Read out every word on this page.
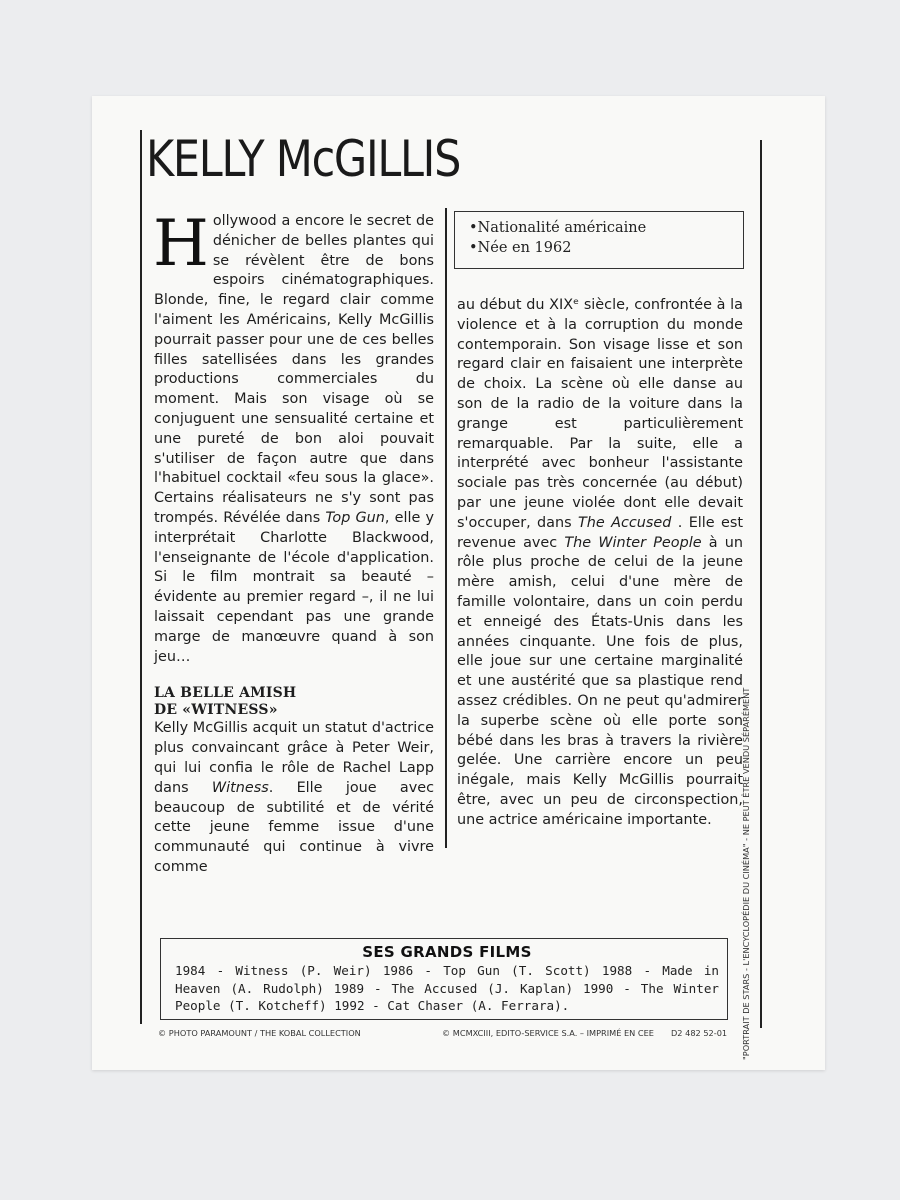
KELLY McGILLIS

Hollywood a encore le secret de dénicher de belles plantes qui se révèlent être de bons espoirs cinématographiques. Blonde, fine, le regard clair comme l'aiment les Américains, Kelly McGillis pourrait passer pour une de ces belles filles satellisées dans les grandes productions commerciales du moment. Mais son visage où se conjuguent une sensualité certaine et une pureté de bon aloi pouvait s'utiliser de façon autre que dans l'habituel cocktail «feu sous la glace». Certains réalisateurs ne s'y sont pas trompés. Révélée dans Top Gun, elle y interprétait Charlotte Blackwood, l'enseignante de l'école d'application. Si le film montrait sa beauté – évidente au premier regard –, il ne lui laissait cependant pas une grande marge de manœuvre quand à son jeu…

LA BELLE AMISH
DE «WITNESS»

Kelly McGillis acquit un statut d'actrice plus convaincant grâce à Peter Weir, qui lui confia le rôle de Rachel Lapp dans Witness. Elle joue avec beaucoup de subtilité et de vérité cette jeune femme issue d'une communauté qui continue à vivre comme

•Nationalité américaine
•Née en 1962

au début du XIXᵉ siècle, confrontée à la violence et à la corruption du monde contemporain. Son visage lisse et son regard clair en faisaient une interprète de choix. La scène où elle danse au son de la radio de la voiture dans la grange est particulièrement remarquable. Par la suite, elle a interprété avec bonheur l'assistante sociale pas très concernée (au début) par une jeune violée dont elle devait s'occuper, dans The Accused . Elle est revenue avec The Winter People à un rôle plus proche de celui de la jeune mère amish, celui d'une mère de famille volontaire, dans un coin perdu et enneigé des États-Unis dans les années cinquante. Une fois de plus, elle joue sur une certaine marginalité et une austérité que sa plastique rend assez crédibles. On ne peut qu'admirer la superbe scène où elle porte son bébé dans les bras à travers la rivière gelée. Une carrière encore un peu inégale, mais Kelly McGillis pourrait être, avec un peu de circonspection, une actrice américaine importante.

SES GRANDS FILMS
1984 - Witness (P. Weir) 1986 - Top Gun (T. Scott) 1988 - Made in Heaven (A. Rudolph) 1989 - The Accused (J. Kaplan) 1990 - The Winter People (T. Kotcheff) 1992 - Cat Chaser (A. Ferrara).
© PHOTO PARAMOUNT / THE KOBAL COLLECTION	© MCMXCIII, EDITO-SERVICE S.A. – IMPRIMÉ EN CEE D2 482 52-01 "PORTRAIT DE STARS - L'ENCYCLOPÉDIE DU CINÉMA" - NE PEUT ÊTRE VENDU SÉPARÉMENT
